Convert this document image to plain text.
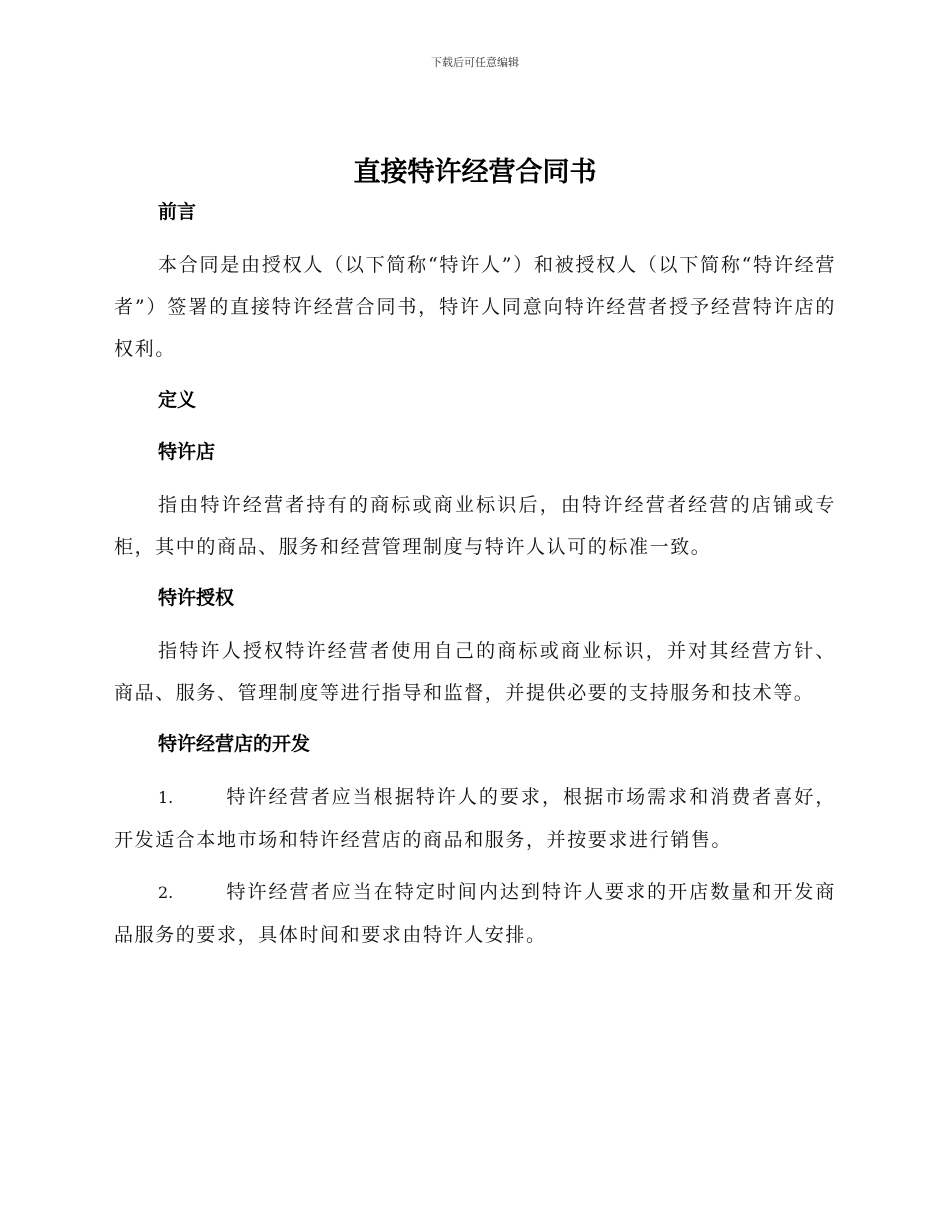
下载后可任意编辑
直接特许经营合同书
前言

本合同是由授权人（以下简称“特许人”）和被授权人（以下简称“特许经营者”）签署的直接特许经营合同书，特许人同意向特许经营者授予经营特许店的权利。

定义
特许店

指由特许经营者持有的商标或商业标识后，由特许经营者经营的店铺或专柜，其中的商品、服务和经营管理制度与特许人认可的标准一致。

特许授权

指特许人授权特许经营者使用自己的商标或商业标识，并对其经营方针、商品、服务、管理制度等进行指导和监督，并提供必要的支持服务和技术等。

特许经营店的开发

1.	特许经营者应当根据特许人的要求，根据市场需求和消费者喜好，开发适合本地市场和特许经营店的商品和服务，并按要求进行销售。

2.	特许经营者应当在特定时间内达到特许人要求的开店数量和开发商品服务的要求，具体时间和要求由特许人安排。
